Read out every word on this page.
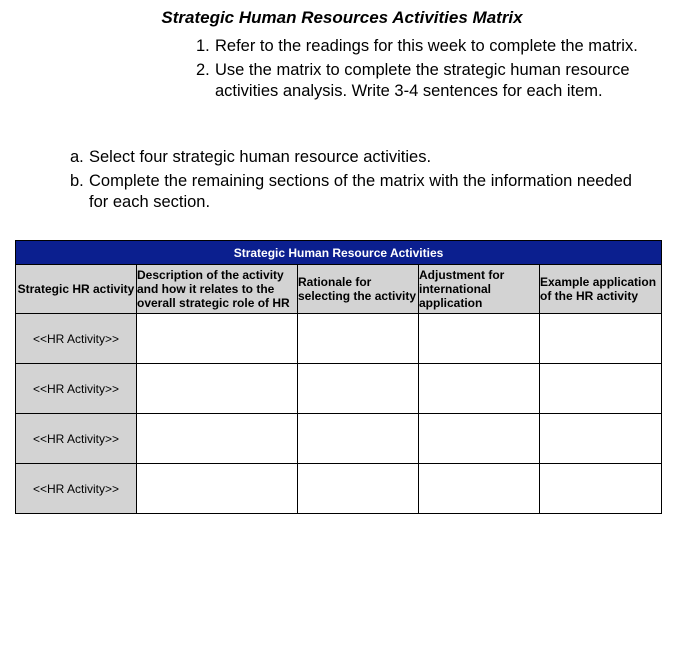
Strategic Human Resources Activities Matrix
1. Refer to the readings for this week to complete the matrix.
2. Use the matrix to complete the strategic human resource activities analysis. Write 3-4 sentences for each item.
a. Select four strategic human resource activities.
b. Complete the remaining sections of the matrix with the information needed for each section.
Strategic Human Resource Activities				
Strategic HR activity	Description of the activity and how it relates to the overall strategic role of HR	Rationale for selecting the activity	Adjustment for international application	Example application of the HR activity
<<HR Activity>>				
<<HR Activity>>				
<<HR Activity>>				
<<HR Activity>>				
